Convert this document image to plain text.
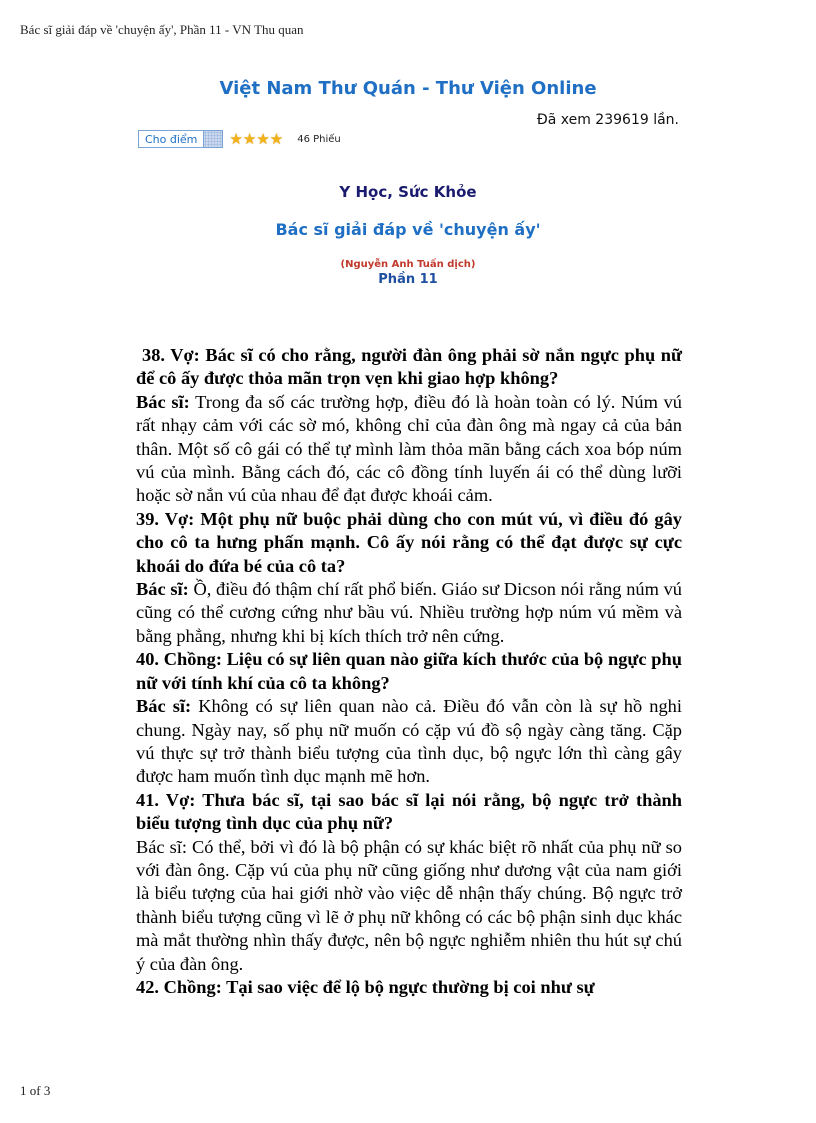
Bác sĩ giải đáp về 'chuyện ấy', Phần 11 - VN Thu quan
Việt Nam Thư Quán - Thư Viện Online
Đã xem 239619 lần.
Cho điểm	★ ★ ★ ★ 46 Phiếu
Y Học, Sức Khỏe
Bác sĩ giải đáp về 'chuyện ấy'
(Nguyễn Anh Tuấn dịch)
Phần 11

38. Vợ: Bác sĩ có cho rằng, người đàn ông phải sờ nắn ngực phụ nữ để cô ấy được thỏa mãn trọn vẹn khi giao hợp không?

Bác sĩ: Trong đa số các trường hợp, điều đó là hoàn toàn có lý. Núm vú rất nhạy cảm với các sờ mó, không chỉ của đàn ông mà ngay cả của bản thân. Một số cô gái có thể tự mình làm thỏa mãn bằng cách xoa bóp núm vú của mình. Bằng cách đó, các cô đồng tính luyến ái có thể dùng lưỡi hoặc sờ nắn vú của nhau để đạt được khoái cảm.

39. Vợ: Một phụ nữ buộc phải dùng cho con mút vú, vì điều đó gây cho cô ta hưng phấn mạnh. Cô ấy nói rằng có thể đạt được sự cực khoái do đứa bé của cô ta?

Bác sĩ: Ồ, điều đó thậm chí rất phổ biến. Giáo sư Dicson nói rằng núm vú cũng có thể cương cứng như bầu vú. Nhiều trường hợp núm vú mềm và bằng phẳng, nhưng khi bị kích thích trở nên cứng.

40. Chồng: Liệu có sự liên quan nào giữa kích thước của bộ ngực phụ nữ với tính khí của cô ta không?

Bác sĩ: Không có sự liên quan nào cả. Điều đó vẫn còn là sự hồ nghi chung. Ngày nay, số phụ nữ muốn có cặp vú đồ sộ ngày càng tăng. Cặp vú thực sự trở thành biểu tượng của tình dục, bộ ngực lớn thì càng gây được ham muốn tình dục mạnh mẽ hơn.

41. Vợ: Thưa bác sĩ, tại sao bác sĩ lại nói rằng, bộ ngực trở thành biểu tượng tình dục của phụ nữ?

Bác sĩ: Có thể, bởi vì đó là bộ phận có sự khác biệt rõ nhất của phụ nữ so với đàn ông. Cặp vú của phụ nữ cũng giống như dương vật của nam giới là biểu tượng của hai giới nhờ vào việc dễ nhận thấy chúng. Bộ ngực trở thành biểu tượng cũng vì lẽ ở phụ nữ không có các bộ phận sinh dục khác mà mắt thường nhìn thấy được, nên bộ ngực nghiễm nhiên thu hút sự chú ý của đàn ông.

42. Chồng: Tại sao việc để lộ bộ ngực thường bị coi như sự

1 of 3
